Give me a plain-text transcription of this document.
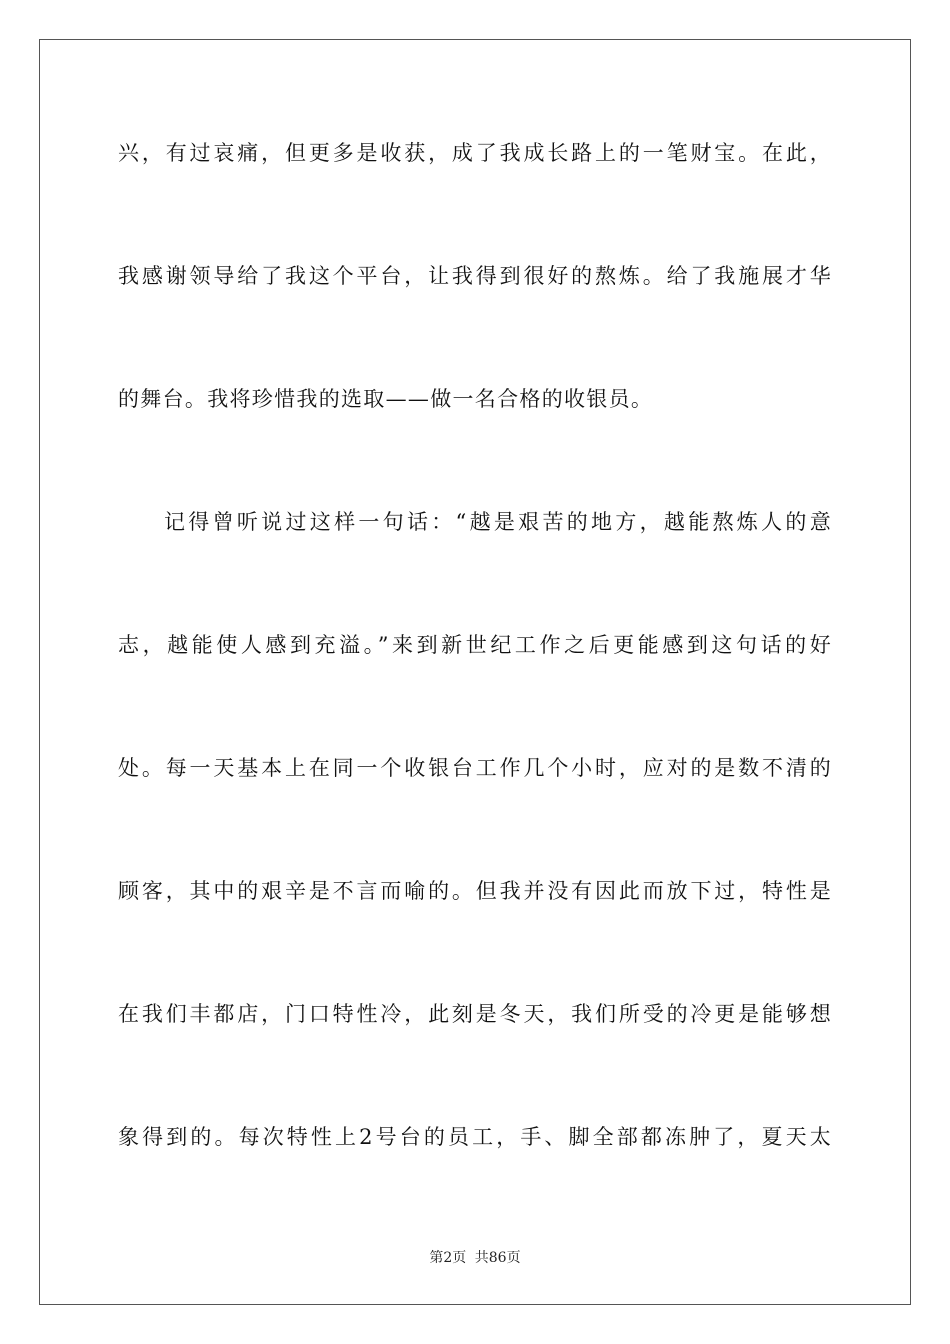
兴，有过哀痛，但更多是收获，成了我成长路上的一笔财宝。在此，
我感谢领导给了我这个平台，让我得到很好的熬炼。给了我施展才华
的舞台。我将珍惜我的选取——做一名合格的收银员。
记得曾听说过这样一句话：“越是艰苦的地方，越能熬炼人的意
志，越能使人感到充溢。”来到新世纪工作之后更能感到这句话的好
处。每一天基本上在同一个收银台工作几个小时，应对的是数不清的
顾客，其中的艰辛是不言而喻的。但我并没有因此而放下过，特性是
在我们丰都店，门口特性冷，此刻是冬天，我们所受的冷更是能够想
象得到的。每次特性上2号台的员工，手、脚全部都冻肿了，夏天太
第2页 共86页
